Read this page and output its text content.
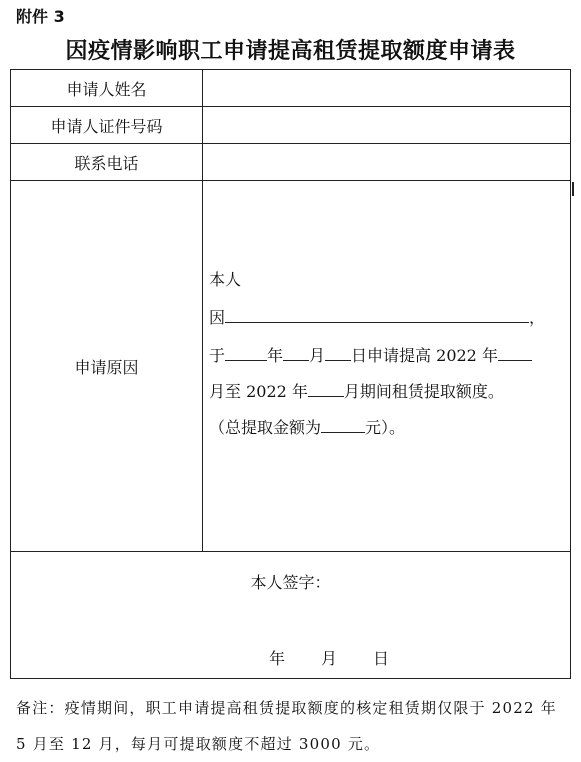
附件 3
因疫情影响职工申请提高租赁提取额度申请表
申请人姓名	
申请人证件号码	
联系电话	
申请原因	本人
因 ，
于 年 月 日申请提高 2022 年
月至 2022 年 月期间租赁提取额度。
（总提取金额为 元）。

本人签字：
年 月 日	
备注：疫情期间，职工申请提高租赁提取额度的核定租赁期仅限于 2022 年 5 月至 12 月，每月可提取额度不超过 3000 元。
